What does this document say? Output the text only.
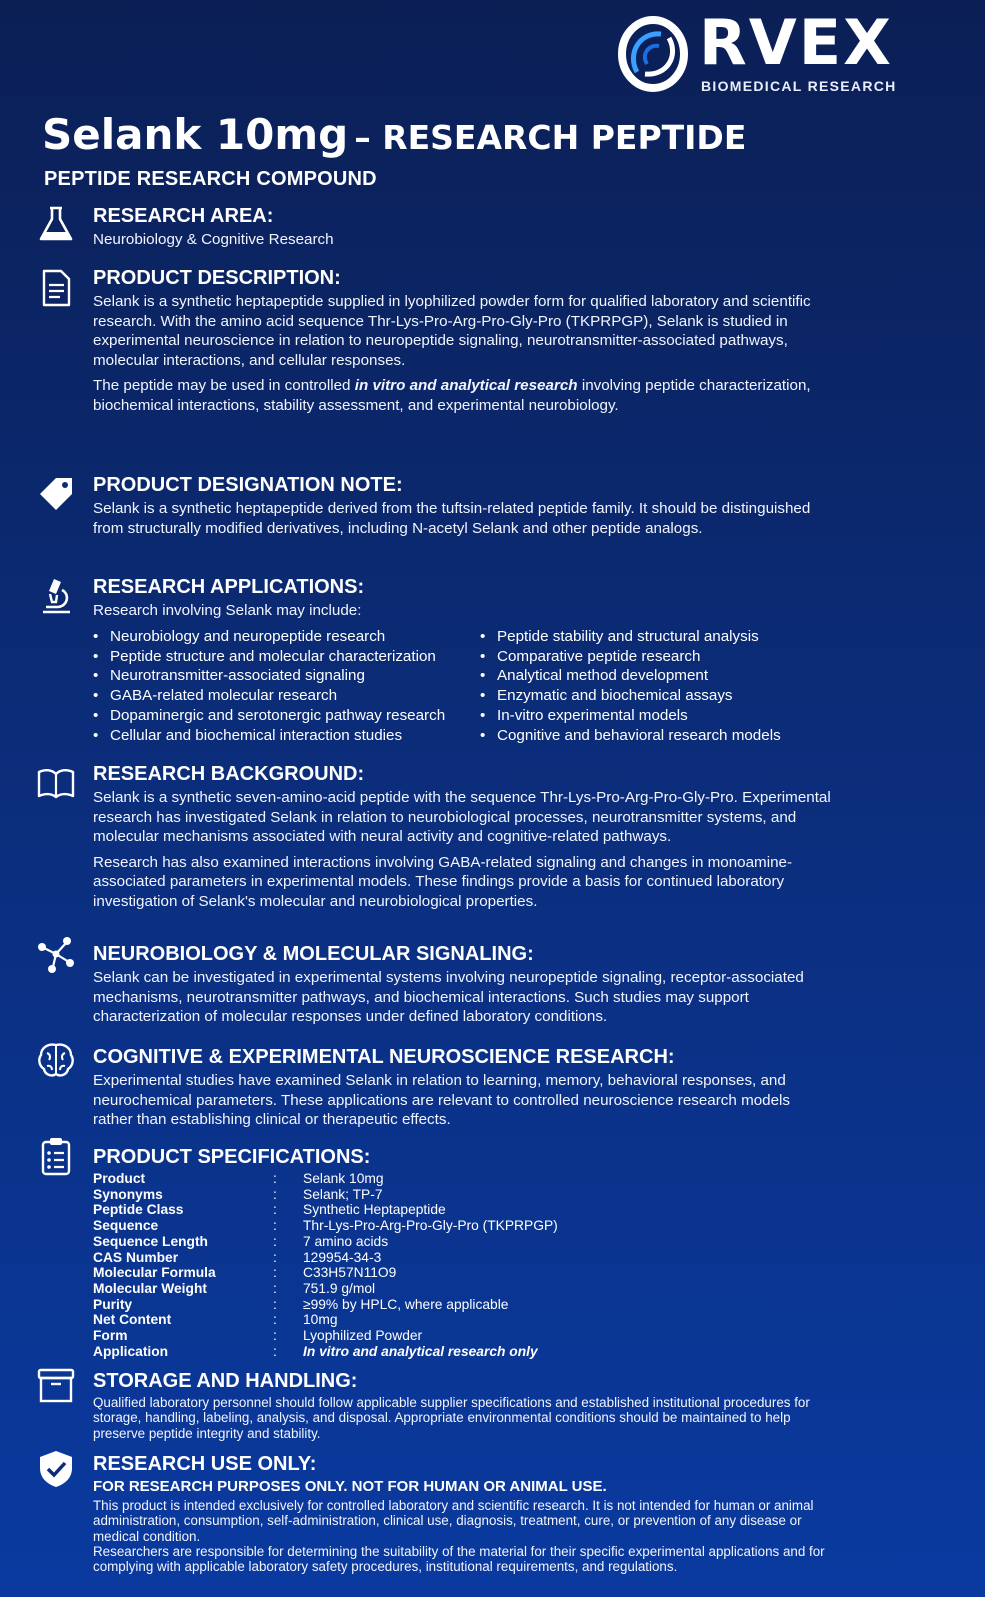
RVEX
BIOMEDICAL RESEARCH
Selank 10mg – RESEARCH PEPTIDE
PEPTIDE RESEARCH COMPOUND
RESEARCH AREA:

Neurobiology & Cognitive Research

PRODUCT DESCRIPTION:

Selank is a synthetic heptapeptide supplied in lyophilized powder form for qualified laboratory and scientific research. With the amino acid sequence Thr-Lys-Pro-Arg-Pro-Gly-Pro (TKPRPGP), Selank is studied in experimental neuroscience in relation to neuropeptide signaling, neurotransmitter-associated pathways, molecular interactions, and cellular responses.

The peptide may be used in controlled in vitro and analytical research involving peptide characterization, biochemical interactions, stability assessment, and experimental neurobiology.

PRODUCT DESIGNATION NOTE:

Selank is a synthetic heptapeptide derived from the tuftsin-related peptide family. It should be distinguished from structurally modified derivatives, including N-acetyl Selank and other peptide analogs.

RESEARCH APPLICATIONS:

Research involving Selank may include:

• Neurobiology and neuropeptide research
• Peptide structure and molecular characterization
• Neurotransmitter-associated signaling
• GABA-related molecular research
• Dopaminergic and serotonergic pathway research
• Cellular and biochemical interaction studies
• Peptide stability and structural analysis
• Comparative peptide research
• Analytical method development
• Enzymatic and biochemical assays
• In-vitro experimental models
• Cognitive and behavioral research models
RESEARCH BACKGROUND:

Selank is a synthetic seven-amino-acid peptide with the sequence Thr-Lys-Pro-Arg-Pro-Gly-Pro. Experimental research has investigated Selank in relation to neurobiological processes, neurotransmitter systems, and molecular mechanisms associated with neural activity and cognitive-related pathways.

Research has also examined interactions involving GABA-related signaling and changes in monoamine-associated parameters in experimental models. These findings provide a basis for continued laboratory investigation of Selank's molecular and neurobiological properties.

NEUROBIOLOGY & MOLECULAR SIGNALING:

Selank can be investigated in experimental systems involving neuropeptide signaling, receptor-associated mechanisms, neurotransmitter pathways, and biochemical interactions. Such studies may support characterization of molecular responses under defined laboratory conditions.

COGNITIVE & EXPERIMENTAL NEUROSCIENCE RESEARCH:

Experimental studies have examined Selank in relation to learning, memory, behavioral responses, and neurochemical parameters. These applications are relevant to controlled neuroscience research models rather than establishing clinical or therapeutic effects.

PRODUCT SPECIFICATIONS:
Product	:	Selank 10mg
Synonyms	:	Selank; TP-7
Peptide Class	:	Synthetic Heptapeptide
Sequence	:	Thr-Lys-Pro-Arg-Pro-Gly-Pro (TKPRPGP)
Sequence Length	:	7 amino acids
CAS Number	:	129954-34-3
Molecular Formula	:	C33H57N11O9
Molecular Weight	:	751.9 g/mol
Purity	:	≥99% by HPLC, where applicable
Net Content	:	10mg
Form	:	Lyophilized Powder
Application	:	In vitro and analytical research only
STORAGE AND HANDLING:

Qualified laboratory personnel should follow applicable supplier specifications and established institutional procedures for storage, handling, labeling, analysis, and disposal. Appropriate environmental conditions should be maintained to help preserve peptide integrity and stability.

RESEARCH USE ONLY:
FOR RESEARCH PURPOSES ONLY. NOT FOR HUMAN OR ANIMAL USE.

This product is intended exclusively for controlled laboratory and scientific research. It is not intended for human or animal administration, consumption, self-administration, clinical use, diagnosis, treatment, cure, or prevention of any disease or medical condition.

Researchers are responsible for determining the suitability of the material for their specific experimental applications and for complying with applicable laboratory safety procedures, institutional requirements, and regulations.
